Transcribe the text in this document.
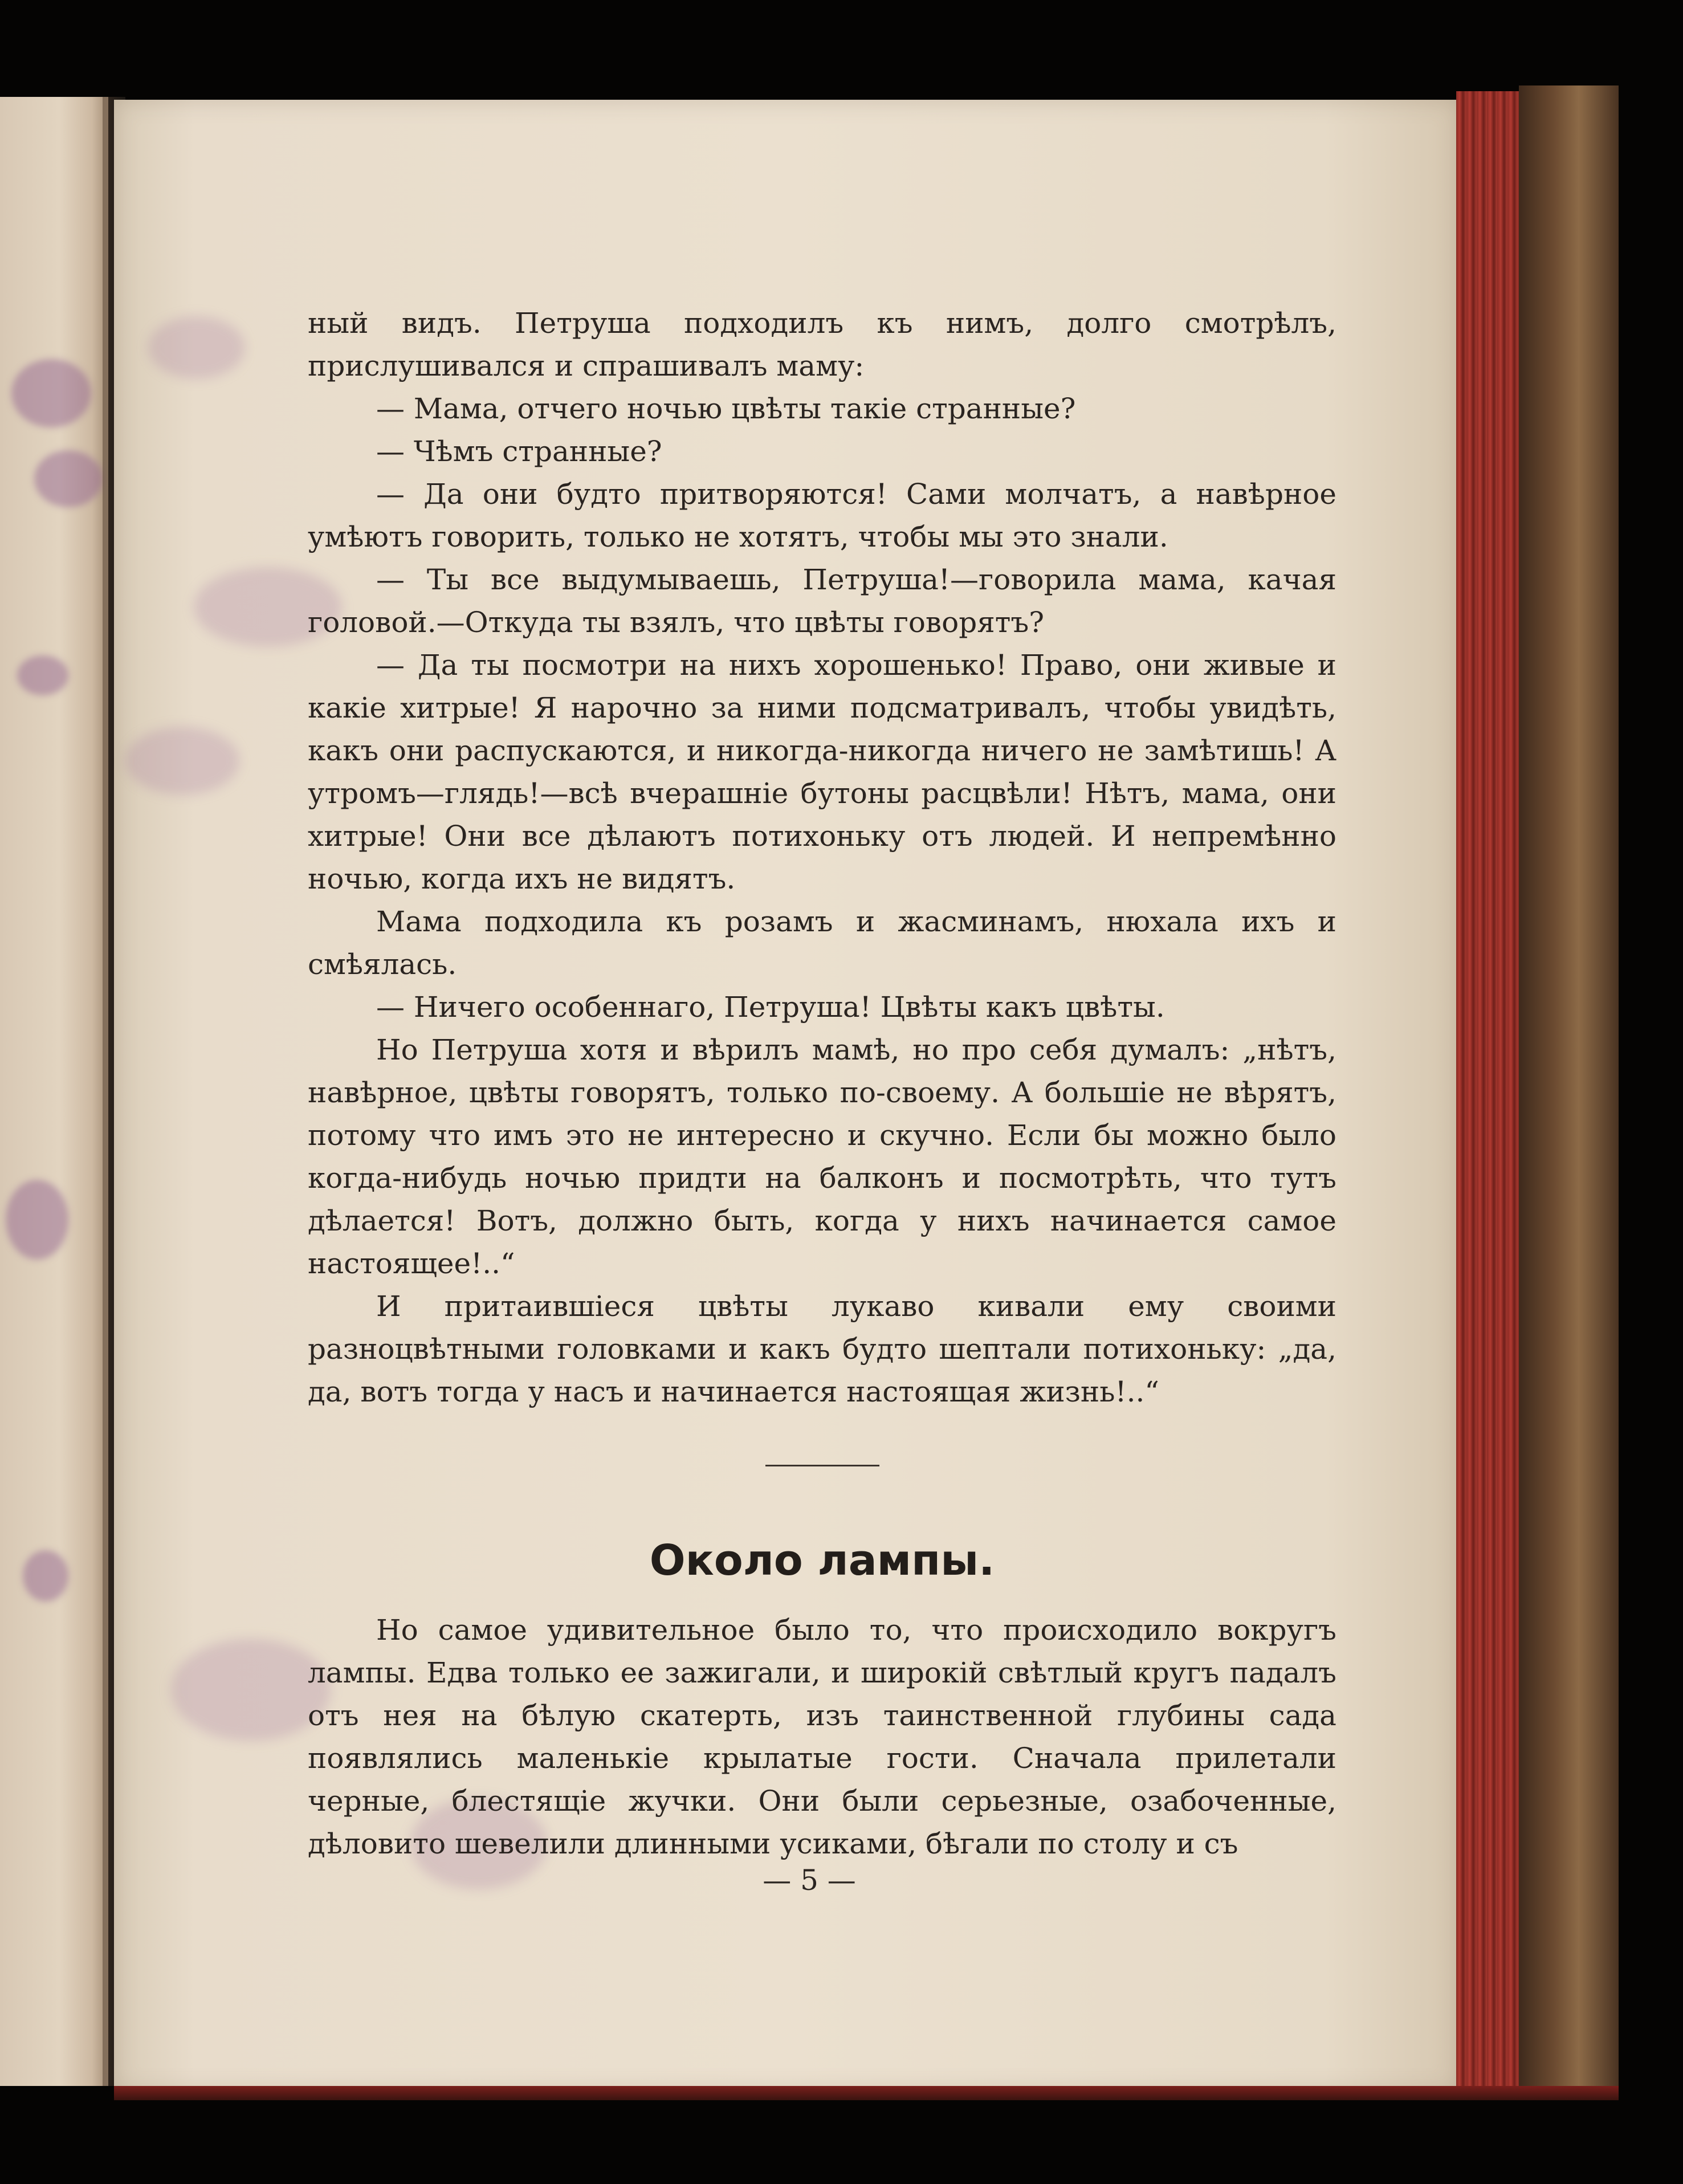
ный видъ. Петруша подходилъ къ нимъ, долго смотрѣлъ, прислушивался и спрашивалъ маму:

— Мама, отчего ночью цвѣты такіе странные?

— Чѣмъ странные?

— Да они будто притворяются! Сами молчатъ, а навѣрное умѣютъ говорить, только не хотятъ, чтобы мы это знали.

— Ты все выдумываешь, Петруша!—говорила мама, качая головой.—Откуда ты взялъ, что цвѣты говорятъ?

— Да ты посмотри на нихъ хорошенько! Право, они живые и какіе хитрые! Я нарочно за ними подсматривалъ, чтобы увидѣть, какъ они распускаются, и никогда-никогда ничего не замѣтишь! А утромъ—глядь!—всѣ вчерашніе бутоны расцвѣли! Нѣтъ, мама, они хитрые! Они все дѣлаютъ потихоньку отъ людей. И непремѣнно ночью, когда ихъ не видятъ.

Мама подходила къ розамъ и жасминамъ, нюхала ихъ и смѣялась.

— Ничего особеннаго, Петруша! Цвѣты какъ цвѣты.

Но Петруша хотя и вѣрилъ мамѣ, но про себя думалъ: „нѣтъ, навѣрное, цвѣты говорятъ, только по-своему. А большіе не вѣрятъ, потому что имъ это не интересно и скучно. Если бы можно было когда-нибудь ночью придти на балконъ и посмотрѣть, что тутъ дѣлается! Вотъ, должно быть, когда у нихъ начинается самое настоящее!..“

И притаившіеся цвѣты лукаво кивали ему своими разноцвѣтными головками и какъ будто шептали потихоньку: „да, да, вотъ тогда у насъ и начинается настоящая жизнь!..“

Около лампы.

Но самое удивительное было то, что происходило вокругъ лампы. Едва только ее зажигали, и широкій свѣтлый кругъ падалъ отъ нея на бѣлую скатерть, изъ таинственной глубины сада появлялись маленькіе крылатые гости. Сначала прилетали черные, блестящіе жучки. Они были серьезные, озабоченные, дѣловито шевелили длинными усиками, бѣгали по столу и съ

— 5 —
